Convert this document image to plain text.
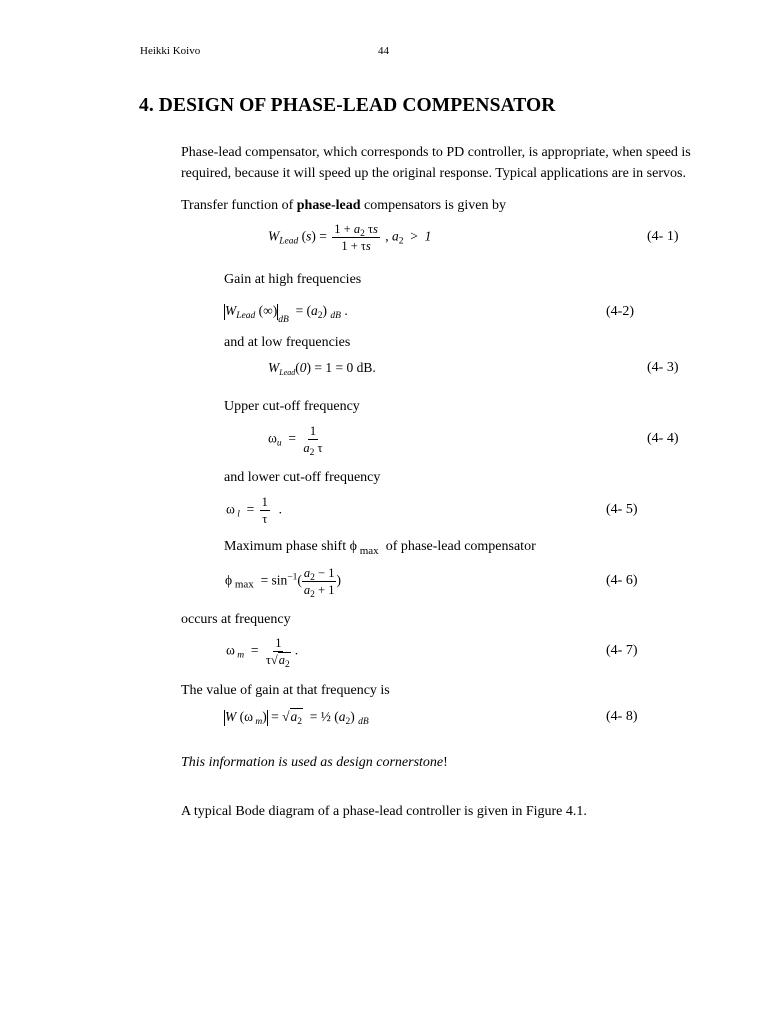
Heikki Koivo	44
4. DESIGN OF PHASE-LEAD COMPENSATOR
Phase-lead compensator, which corresponds to PD controller, is appropriate, when speed is
required, because it will speed up the original response. Typical applications are in servos.
Transfer function of phase-lead compensators is given by
$W_{Lead}$ $(s) = \frac{1 + a_2 \tau s}{1 + \tau s}$ , $a_2 > 1$	(4- 1)
Gain at high frequencies
$W_{Lead}$ $(\infty)_{dB} = (a_2)$ $_{dB}$ .	(4-2)
and at low frequencies
$W_{Lead}(0) = 1 = 0$ dB.	(4- 3)
Upper cut-off frequency
$\omega_u = \frac{1}{a_2 \tau}$	(4- 4)
and lower cut-off frequency
ω $_l = \frac{1}{\tau}$ .	(4- 5)
Maximum phase shift ϕ $_{max}$  of phase-lead compensator
ϕ $_{max} = \sin^{-1}( \frac{a_2 - 1}{a_2 + 1}$ )	(4- 6)
occurs at frequency
ω $_m = \frac{1}{\tau√a_2}$ .	(4- 7)
The value of gain at that frequency is
W (ω $_m) = √a_2$  = ½ $(a_2)$ $_{dB}$	(4- 8)
This information is used as design cornerstone!
A typical Bode diagram of a phase-lead controller is given in Figure 4.1.
